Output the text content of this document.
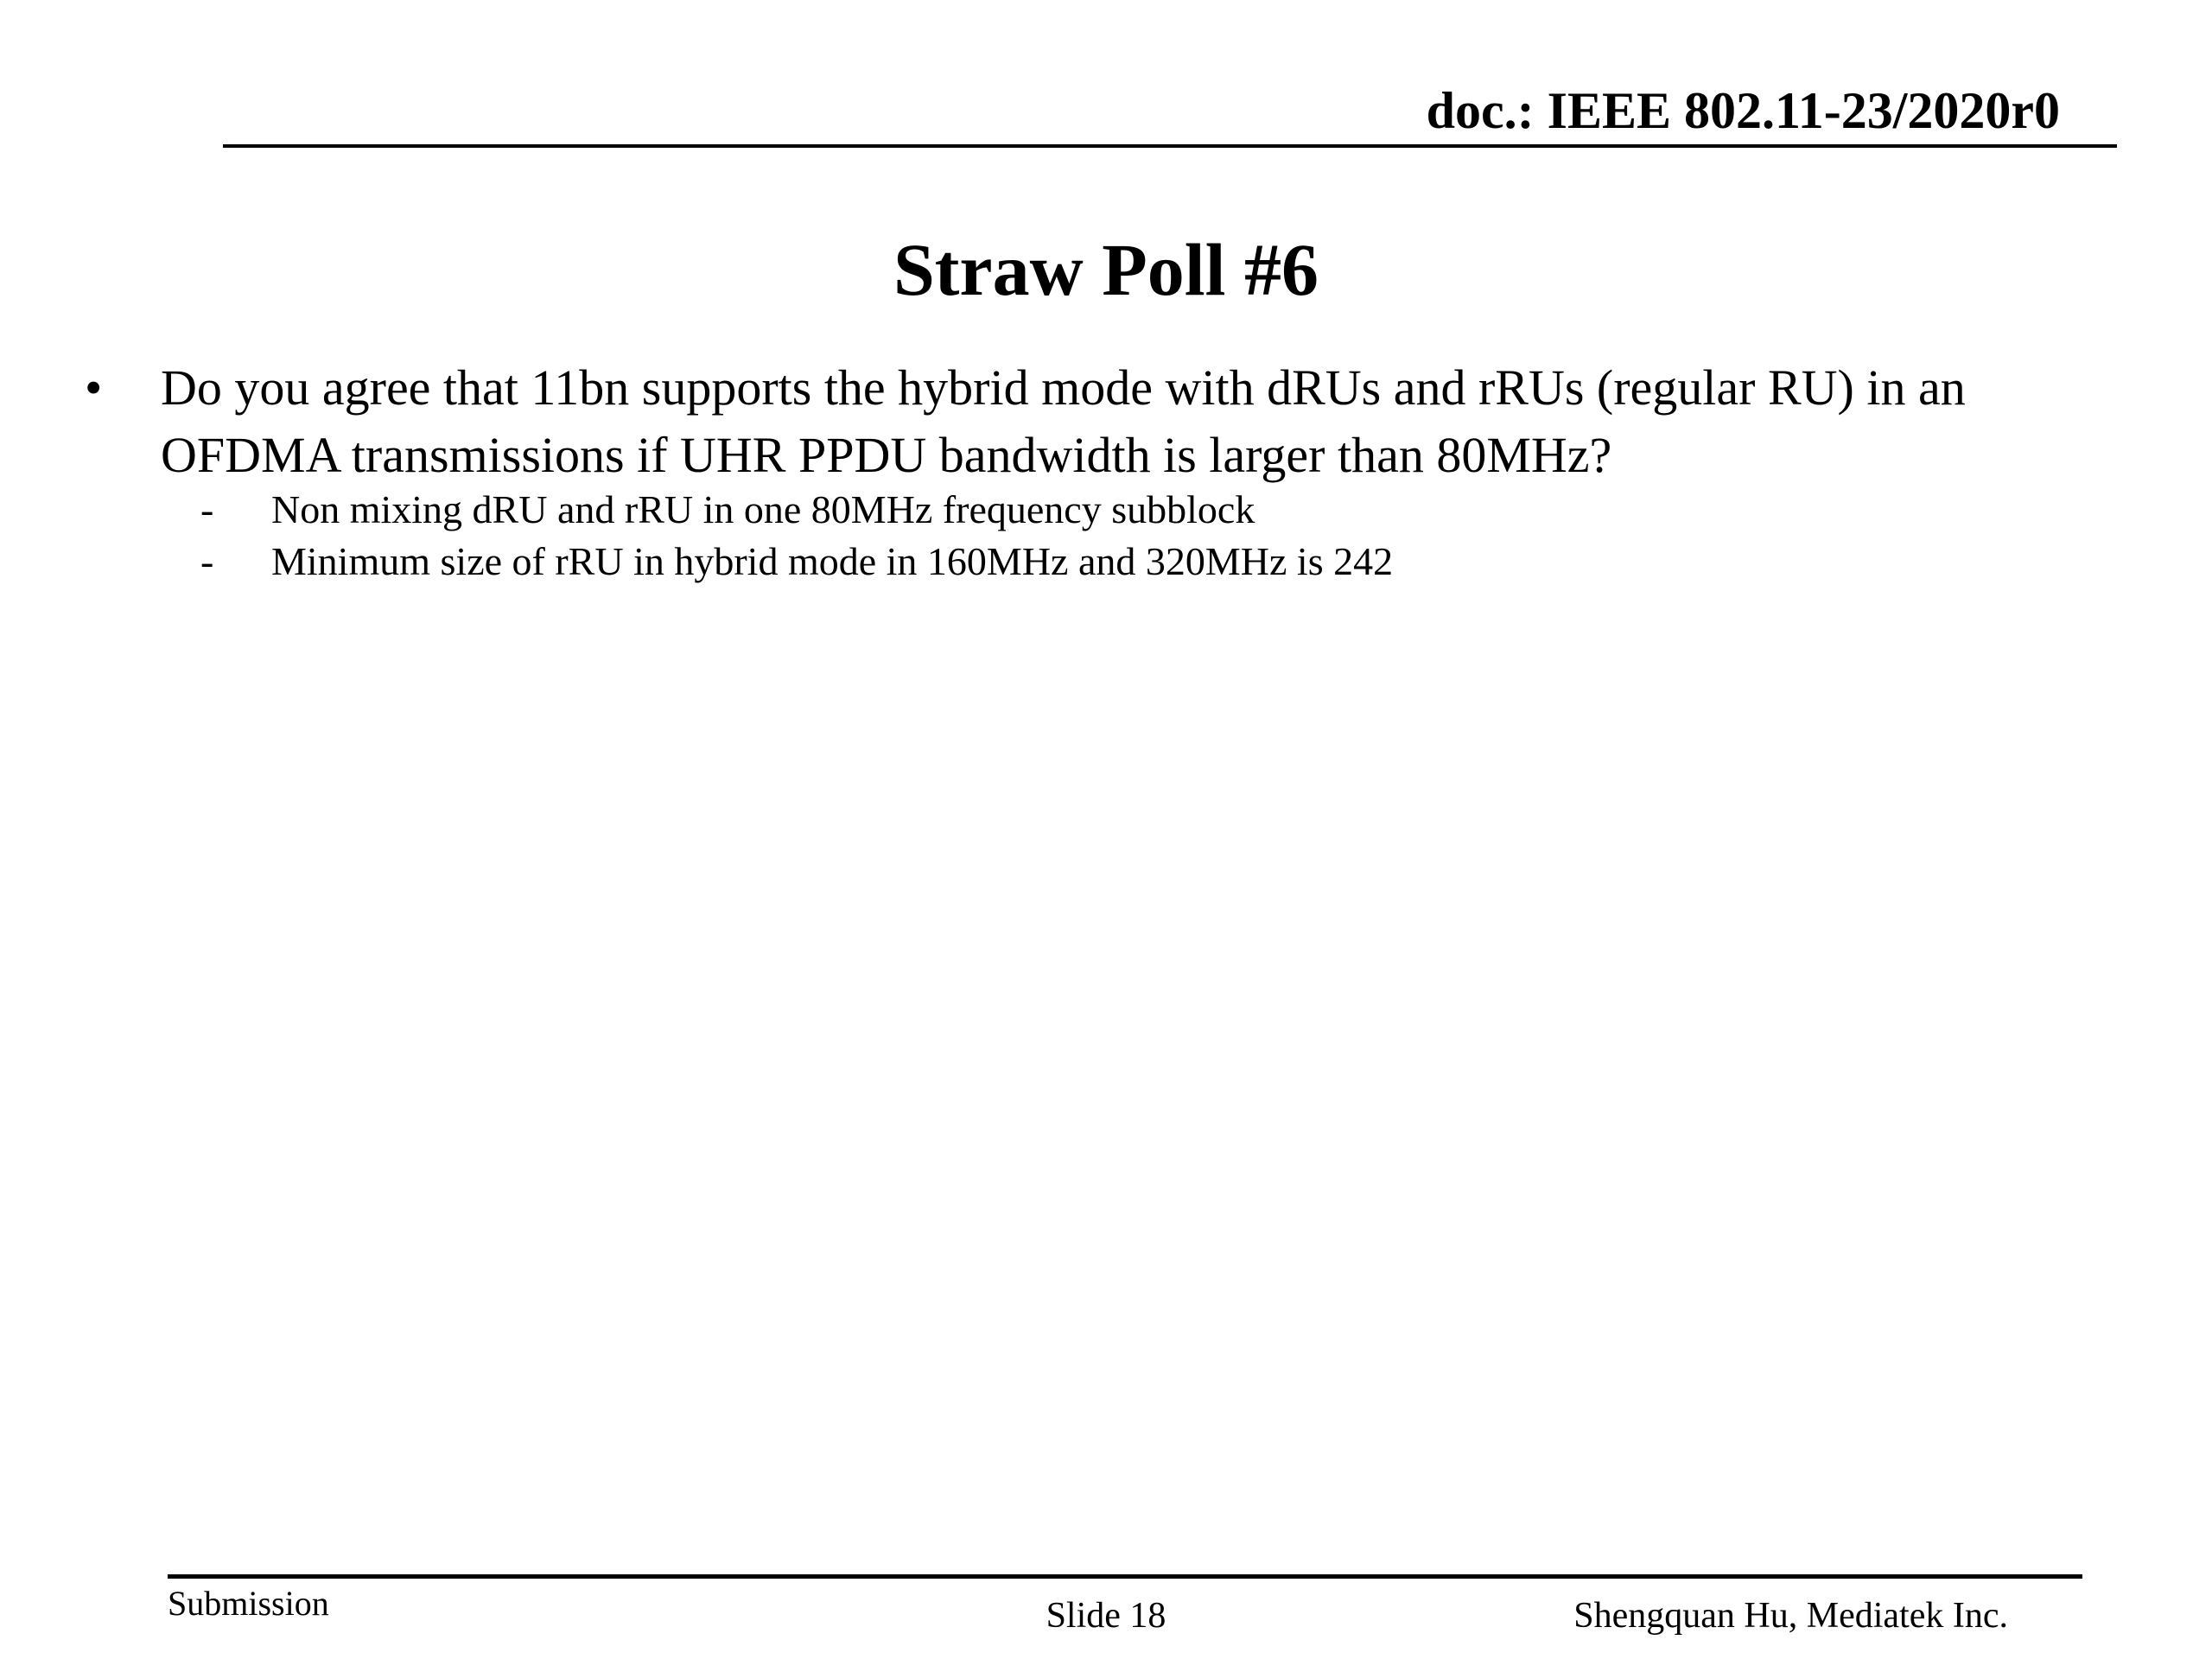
doc.: IEEE 802.11-23/2020r0
Straw Poll #6
•	Do you agree that 11bn supports the hybrid mode with dRUs and rRUs (regular RU) in an OFDMA transmissions if UHR PPDU bandwidth is larger than 80MHz?
-	Non mixing dRU and rRU in one 80MHz frequency subblock
-	Minimum size of rRU in hybrid mode in 160MHz and 320MHz is 242
Submission	Slide 18	Shengquan Hu, Mediatek Inc.
